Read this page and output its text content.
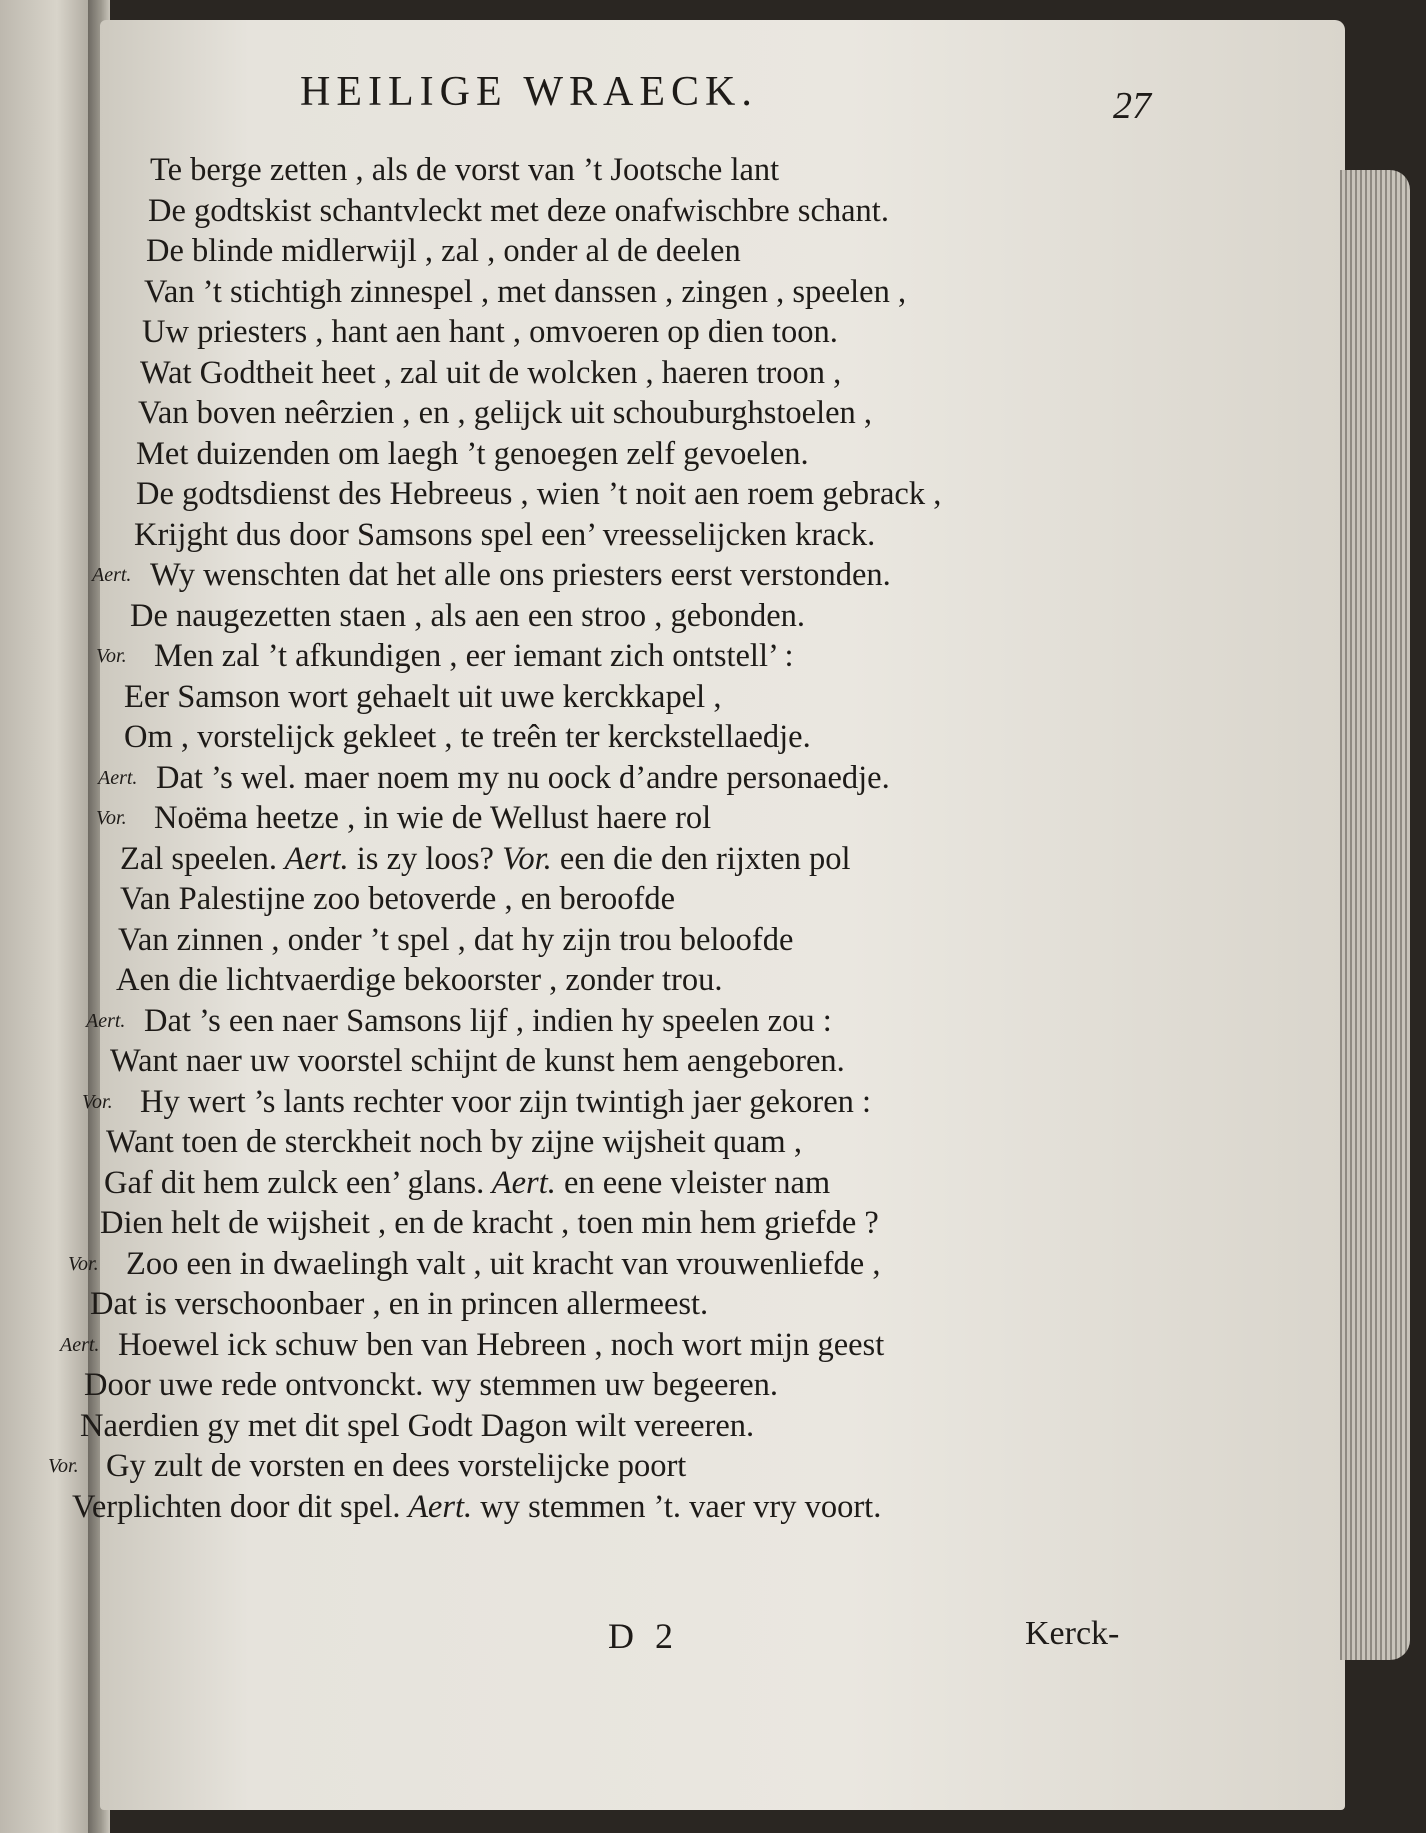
HEILIGE WRAECK.	27
Te berge zetten , als de vorst van ’t Jootsche lant
De godtskist schantvleckt met deze onafwischbre schant.
De blinde midlerwijl , zal , onder al de deelen
Van ’t stichtigh zinnespel , met danssen , zingen , speelen ,
Uw priesters , hant aen hant , omvoeren op dien toon.
Wat Godtheit heet , zal uit de wolcken , haeren troon ,
Van boven neêrzien , en , gelijck uit schouburghstoelen ,
Met duizenden om laegh ’t genoegen zelf gevoelen.
De godtsdienst des Hebreeus , wien ’t noit aen roem gebrack ,
Krijght dus door Samsons spel een’ vreesselijcken krack.
Aert. Wy wenschten dat het alle ons priesters eerst verstonden.
De naugezetten staen , als aen een stroo , gebonden.
Vor. Men zal ’t afkundigen , eer iemant zich ontstell’ :
Eer Samson wort gehaelt uit uwe kerckkapel ,
Om , vorstelijck gekleet , te treên ter kerckstellaedje.
Aert. Dat ’s wel. maer noem my nu oock d’andre personaedje.
Vor. Noëma heetze , in wie de Wellust haere rol
Zal speelen. Aert. is zy loos? Vor. een die den rijxten pol
Van Palestijne zoo betoverde , en beroofde
Van zinnen , onder ’t spel , dat hy zijn trou beloofde
Aen die lichtvaerdige bekoorster , zonder trou.
Aert. Dat ’s een naer Samsons lijf , indien hy speelen zou :
Want naer uw voorstel schijnt de kunst hem aengeboren.
Vor. Hy wert ’s lants rechter voor zijn twintigh jaer gekoren :
Want toen de sterckheit noch by zijne wijsheit quam ,
Gaf dit hem zulck een’ glans. Aert. en eene vleister nam
Dien helt de wijsheit , en de kracht , toen min hem griefde ?
Vor. Zoo een in dwaelingh valt , uit kracht van vrouwenliefde ,
Dat is verschoonbaer , en in princen allermeest.
Aert. Hoewel ick schuw ben van Hebreen , noch wort mijn geest
Door uwe rede ontvonckt. wy stemmen uw begeeren.
Naerdien gy met dit spel Godt Dagon wilt vereeren.
Vor. Gy zult de vorsten en dees vorstelijcke poort
Verplichten door dit spel. Aert. wy stemmen ’t. vaer vry voort.
D 2	Kerck-
